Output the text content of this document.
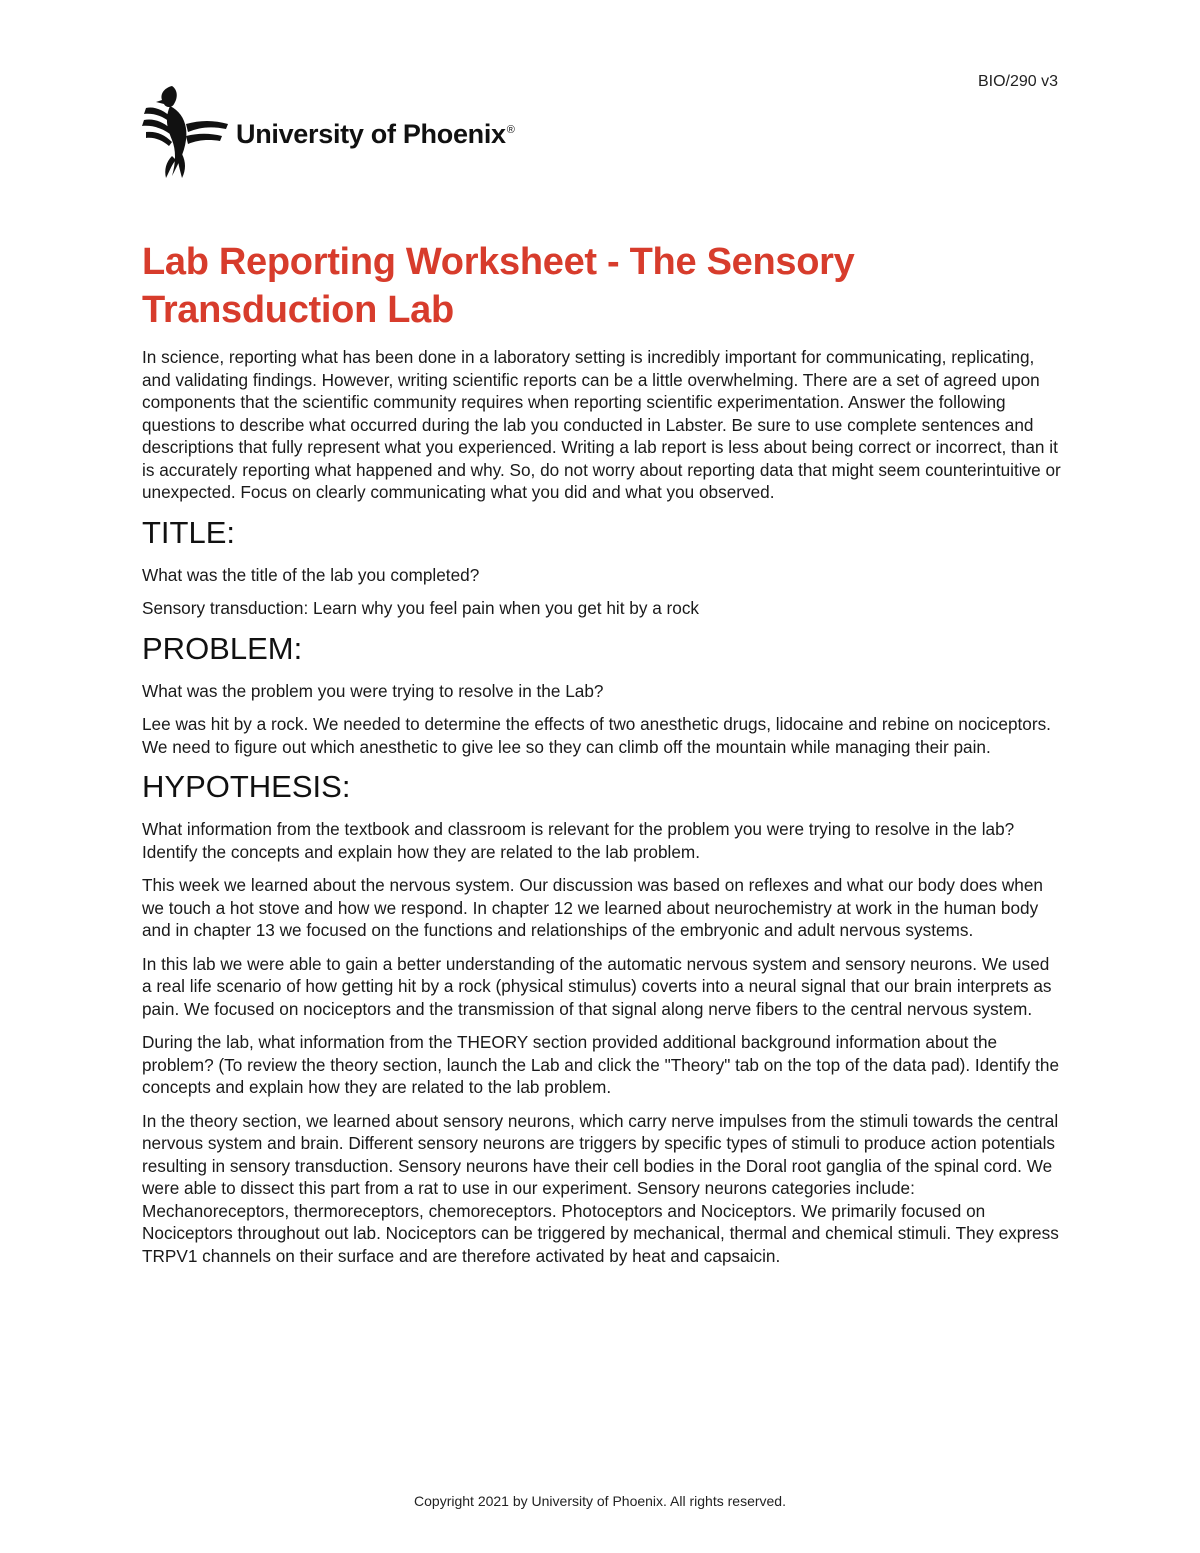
BIO/290 v3
University of Phoenix®
Lab Reporting Worksheet - The Sensory Transduction Lab

In science, reporting what has been done in a laboratory setting is incredibly important for communicating, replicating, and validating findings. However, writing scientific reports can be a little overwhelming. There are a set of agreed upon components that the scientific community requires when reporting scientific experimentation. Answer the following questions to describe what occurred during the lab you conducted in Labster. Be sure to use complete sentences and descriptions that fully represent what you experienced. Writing a lab report is less about being correct or incorrect, than it is accurately reporting what happened and why. So, do not worry about reporting data that might seem counterintuitive or unexpected. Focus on clearly communicating what you did and what you observed.

TITLE:

What was the title of the lab you completed?

Sensory transduction: Learn why you feel pain when you get hit by a rock

PROBLEM:

What was the problem you were trying to resolve in the Lab?

Lee was hit by a rock. We needed to determine the effects of two anesthetic drugs, lidocaine and rebine on nociceptors. We need to figure out which anesthetic to give lee so they can climb off the mountain while managing their pain.

HYPOTHESIS:

What information from the textbook and classroom is relevant for the problem you were trying to resolve in the lab? Identify the concepts and explain how they are related to the lab problem.

This week we learned about the nervous system. Our discussion was based on reflexes and what our body does when we touch a hot stove and how we respond. In chapter 12 we learned about neurochemistry at work in the human body and in chapter 13 we focused on the functions and relationships of the embryonic and adult nervous systems.

In this lab we were able to gain a better understanding of the automatic nervous system and sensory neurons. We used a real life scenario of how getting hit by a rock (physical stimulus) coverts into a neural signal that our brain interprets as pain. We focused on nociceptors and the transmission of that signal along nerve fibers to the central nervous system.

During the lab, what information from the THEORY section provided additional background information about the problem? (To review the theory section, launch the Lab and click the "Theory" tab on the top of the data pad). Identify the concepts and explain how they are related to the lab problem.

In the theory section, we learned about sensory neurons, which carry nerve impulses from the stimuli towards the central nervous system and brain. Different sensory neurons are triggers by specific types of stimuli to produce action potentials resulting in sensory transduction. Sensory neurons have their cell bodies in the Doral root ganglia of the spinal cord. We were able to dissect this part from a rat to use in our experiment. Sensory neurons categories include: Mechanoreceptors, thermoreceptors, chemoreceptors. Photoceptors and Nociceptors. We primarily focused on Nociceptors throughout out lab. Nociceptors can be triggered by mechanical, thermal and chemical stimuli. They express TRPV1 channels on their surface and are therefore activated by heat and capsaicin.

Copyright 2021 by University of Phoenix. All rights reserved.
